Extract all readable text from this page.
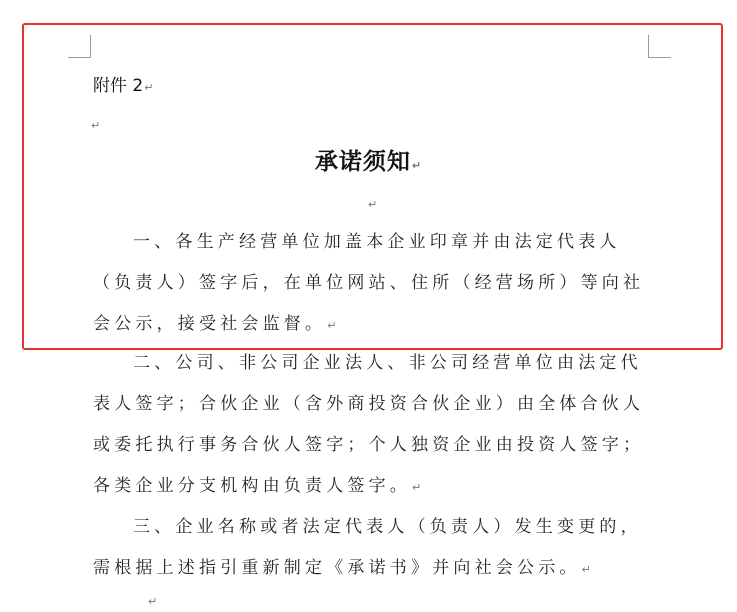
附件 2↵
↵
承诺须知↵
↵
一、各生产经营单位加盖本企业印章并由法定代表人
（负责人）签字后，在单位网站、住所（经营场所）等向社
会公示，接受社会监督。↵
二、公司、非公司企业法人、非公司经营单位由法定代
表人签字；合伙企业（含外商投资合伙企业）由全体合伙人
或委托执行事务合伙人签字；个人独资企业由投资人签字；
各类企业分支机构由负责人签字。↵
三、企业名称或者法定代表人（负责人）发生变更的，
需根据上述指引重新制定《承诺书》并向社会公示。↵
↵
